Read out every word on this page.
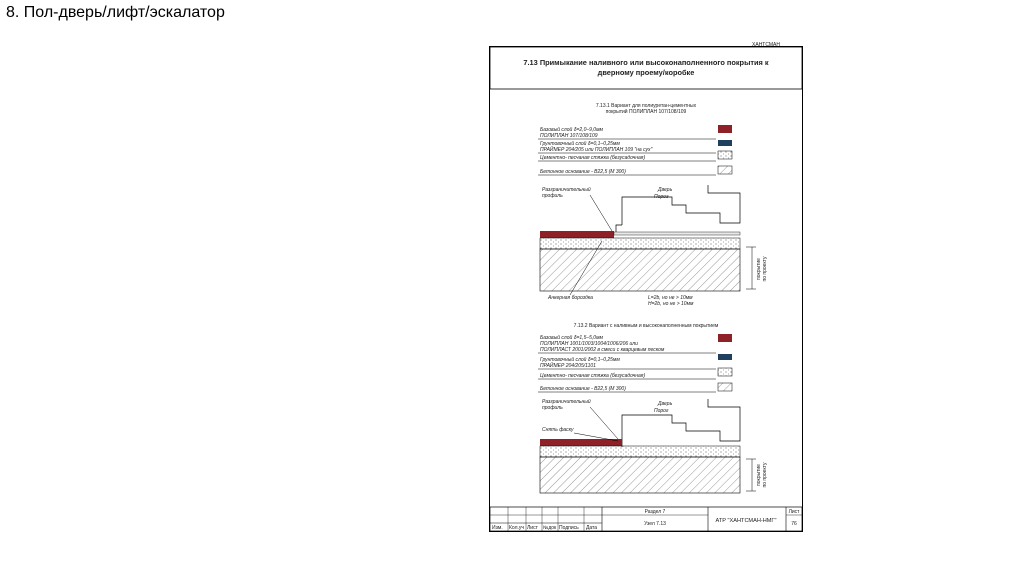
8. Пол-дверь/лифт/эскалатор
ХАНТСМАН
7.13 Примыкание наливного или высоконаполненного покрытия к
дверному проему/коробке
7.13.1 Вариант для полиуретан-цементных
покрытий ПОЛИПЛАН 107/108/109
Базовый слой δ=2,0–9,0мм
ПОЛИПЛАН 107/108/109
Грунтовочный слой δ=0,1–0,25мм
ПРАЙМЕР 204/205 или ПОЛИПЛАН 109 "на сух"
Цементно- песчаная стяжка (безусадочная)
Бетонное основание - В22,5 (М 300)
покрытие по проекту
Разграничительный
профиль
Дверь
Порог
Анкерная бороздка	L=2b, но не > 10мм
H=2b, но не > 10мм
7.13.2 Вариант с наливным и высоконаполненным покрытием
Базовый слой δ=1,5–5,0мм
ПОЛИПЛАН 1001/1003/1004/1006/206 или
ПОЛИПЛАСТ 2001/2002 в смеси с кварцевым песком
Грунтовочный слой δ=0,1–0,25мм
ПРАЙМЕР 204/205/1101
Цементно- песчаная стяжка (безусадочная)
Бетонное основание - В22,5 (М 300)
покрытие по проекту
Разграничительный
профиль
Дверь
Порог
Снять фаску
Изм. Кол.уч Лист №док Подпись Дата
Раздел 7
Узел 7.13	АТР "ХАНТСМАН-НМГ"
Лист
76
